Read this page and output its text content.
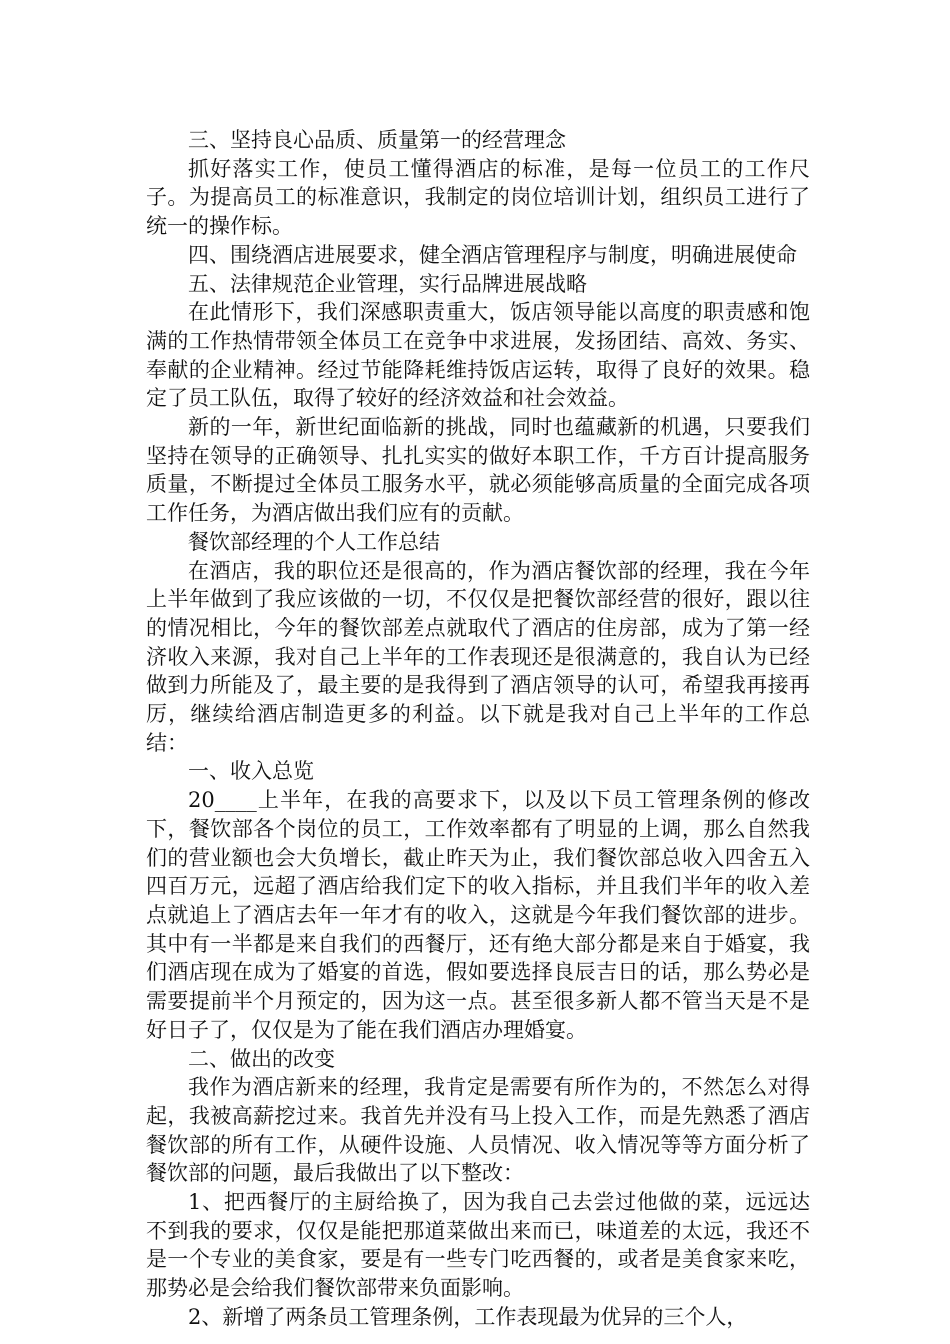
三、坚持良心品质、质量第一的经营理念

抓好落实工作，使员工懂得酒店的标准，是每一位员工的工作尺子。为提高员工的标准意识，我制定的岗位培训计划，组织员工进行了统一的操作标。

四、围绕酒店进展要求，健全酒店管理程序与制度，明确进展使命

五、法律规范企业管理，实行品牌进展战略

在此情形下，我们深感职责重大，饭店领导能以高度的职责感和饱满的工作热情带领全体员工在竞争中求进展，发扬团结、高效、务实、奉献的企业精神。经过节能降耗维持饭店运转，取得了良好的效果。稳定了员工队伍，取得了较好的经济效益和社会效益。

新的一年，新世纪面临新的挑战，同时也蕴藏新的机遇，只要我们坚持在领导的正确领导、扎扎实实的做好本职工作，千方百计提高服务质量，不断提过全体员工服务水平，就必须能够高质量的全面完成各项工作任务，为酒店做出我们应有的贡献。

餐饮部经理的个人工作总结

在酒店，我的职位还是很高的，作为酒店餐饮部的经理，我在今年上半年做到了我应该做的一切，不仅仅是把餐饮部经营的很好，跟以往的情况相比，今年的餐饮部差点就取代了酒店的住房部，成为了第一经济收入来源，我对自己上半年的工作表现还是很满意的，我自认为已经做到力所能及了，最主要的是我得到了酒店领导的认可，希望我再接再厉，继续给酒店制造更多的利益。以下就是我对自己上半年的工作总结：

一、收入总览

20____上半年，在我的高要求下，以及以下员工管理条例的修改下，餐饮部各个岗位的员工，工作效率都有了明显的上调，那么自然我们的营业额也会大负增长，截止昨天为止，我们餐饮部总收入四舍五入四百万元，远超了酒店给我们定下的收入指标，并且我们半年的收入差点就追上了酒店去年一年才有的收入，这就是今年我们餐饮部的进步。其中有一半都是来自我们的西餐厅，还有绝大部分都是来自于婚宴，我们酒店现在成为了婚宴的首选，假如要选择良辰吉日的话，那么势必是需要提前半个月预定的，因为这一点。甚至很多新人都不管当天是不是好日子了，仅仅是为了能在我们酒店办理婚宴。

二、做出的改变

我作为酒店新来的经理，我肯定是需要有所作为的，不然怎么对得起，我被高薪挖过来。我首先并没有马上投入工作，而是先熟悉了酒店餐饮部的所有工作，从硬件设施、人员情况、收入情况等等方面分析了餐饮部的问题，最后我做出了以下整改：

1、把西餐厅的主厨给换了，因为我自己去尝过他做的菜，远远达不到我的要求，仅仅是能把那道菜做出来而已，味道差的太远，我还不是一个专业的美食家，要是有一些专门吃西餐的，或者是美食家来吃，那势必是会给我们餐饮部带来负面影响。

2、新增了两条员工管理条例，工作表现最为优异的三个人，
